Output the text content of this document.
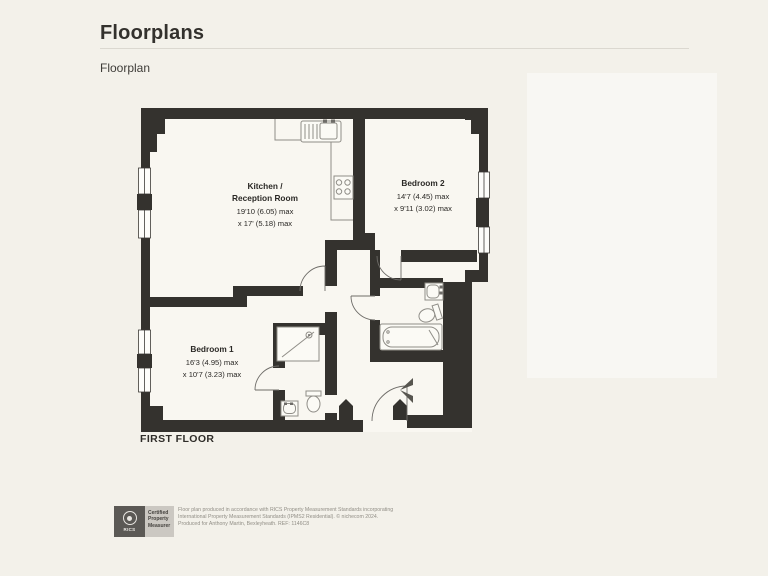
Floorplans
Floorplan
Kitchen /
Reception Room
19'10 (6.05) max
x 17' (5.18) max
Bedroom 2
14'7 (4.45) max
x 9'11 (3.02) max
Bedroom 1
16'3 (4.95) max
x 10'7 (3.23) max
FIRST FLOOR
RICS
Certified
Property
Measurer
Floor plan produced in accordance with RICS Property Measurement Standards incorporating
International Property Measurement Standards (IPMS2 Residential). © nichecom 2024.
Produced for Anthony Martin, Bexleyheath. REF: 1146C8
